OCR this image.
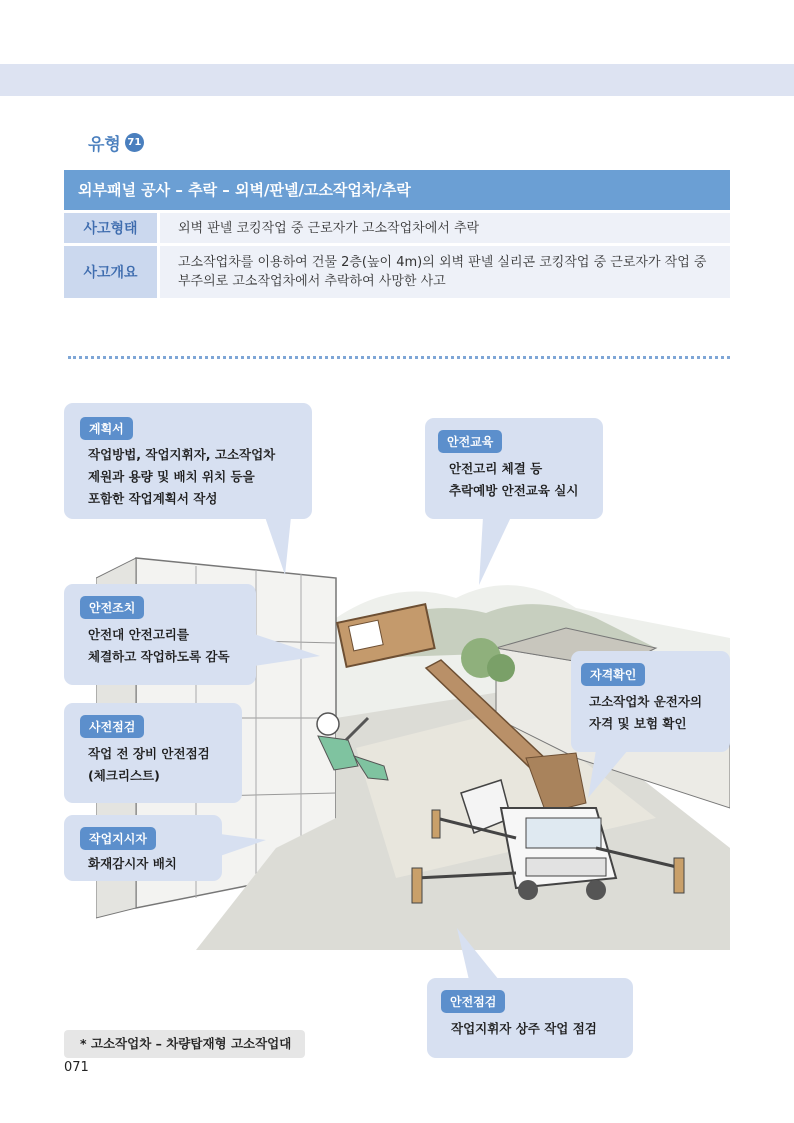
유형 71
외부패널 공사 – 추락 – 외벽/판넬/고소작업차/추락
사고형태	외벽 판넬 코킹작업 중 근로자가 고소작업차에서 추락
사고개요
고소작업차를 이용하여 건물 2층(높이 4m)의 외벽 판넬 실리콘 코킹작업 중 근로자가 작업 중 부주의로 고소작업차에서 추락하여 사망한 사고
계획서
작업방법, 작업지휘자, 고소작업차
제원과 용량 및 배치 위치 등을
포함한 작업계획서 작성
안전교육
안전고리 체결 등
추락예방 안전교육 실시
안전조치
안전대 안전고리를
체결하고 작업하도록 감독
자격확인
고소작업차 운전자의
자격 및 보험 확인
사전점검
작업 전 장비 안전점검
(체크리스트)
작업지시자
화재감시자 배치
안전점검
작업지휘자 상주 작업 점검
* 고소작업차 – 차량탑재형 고소작업대
071
